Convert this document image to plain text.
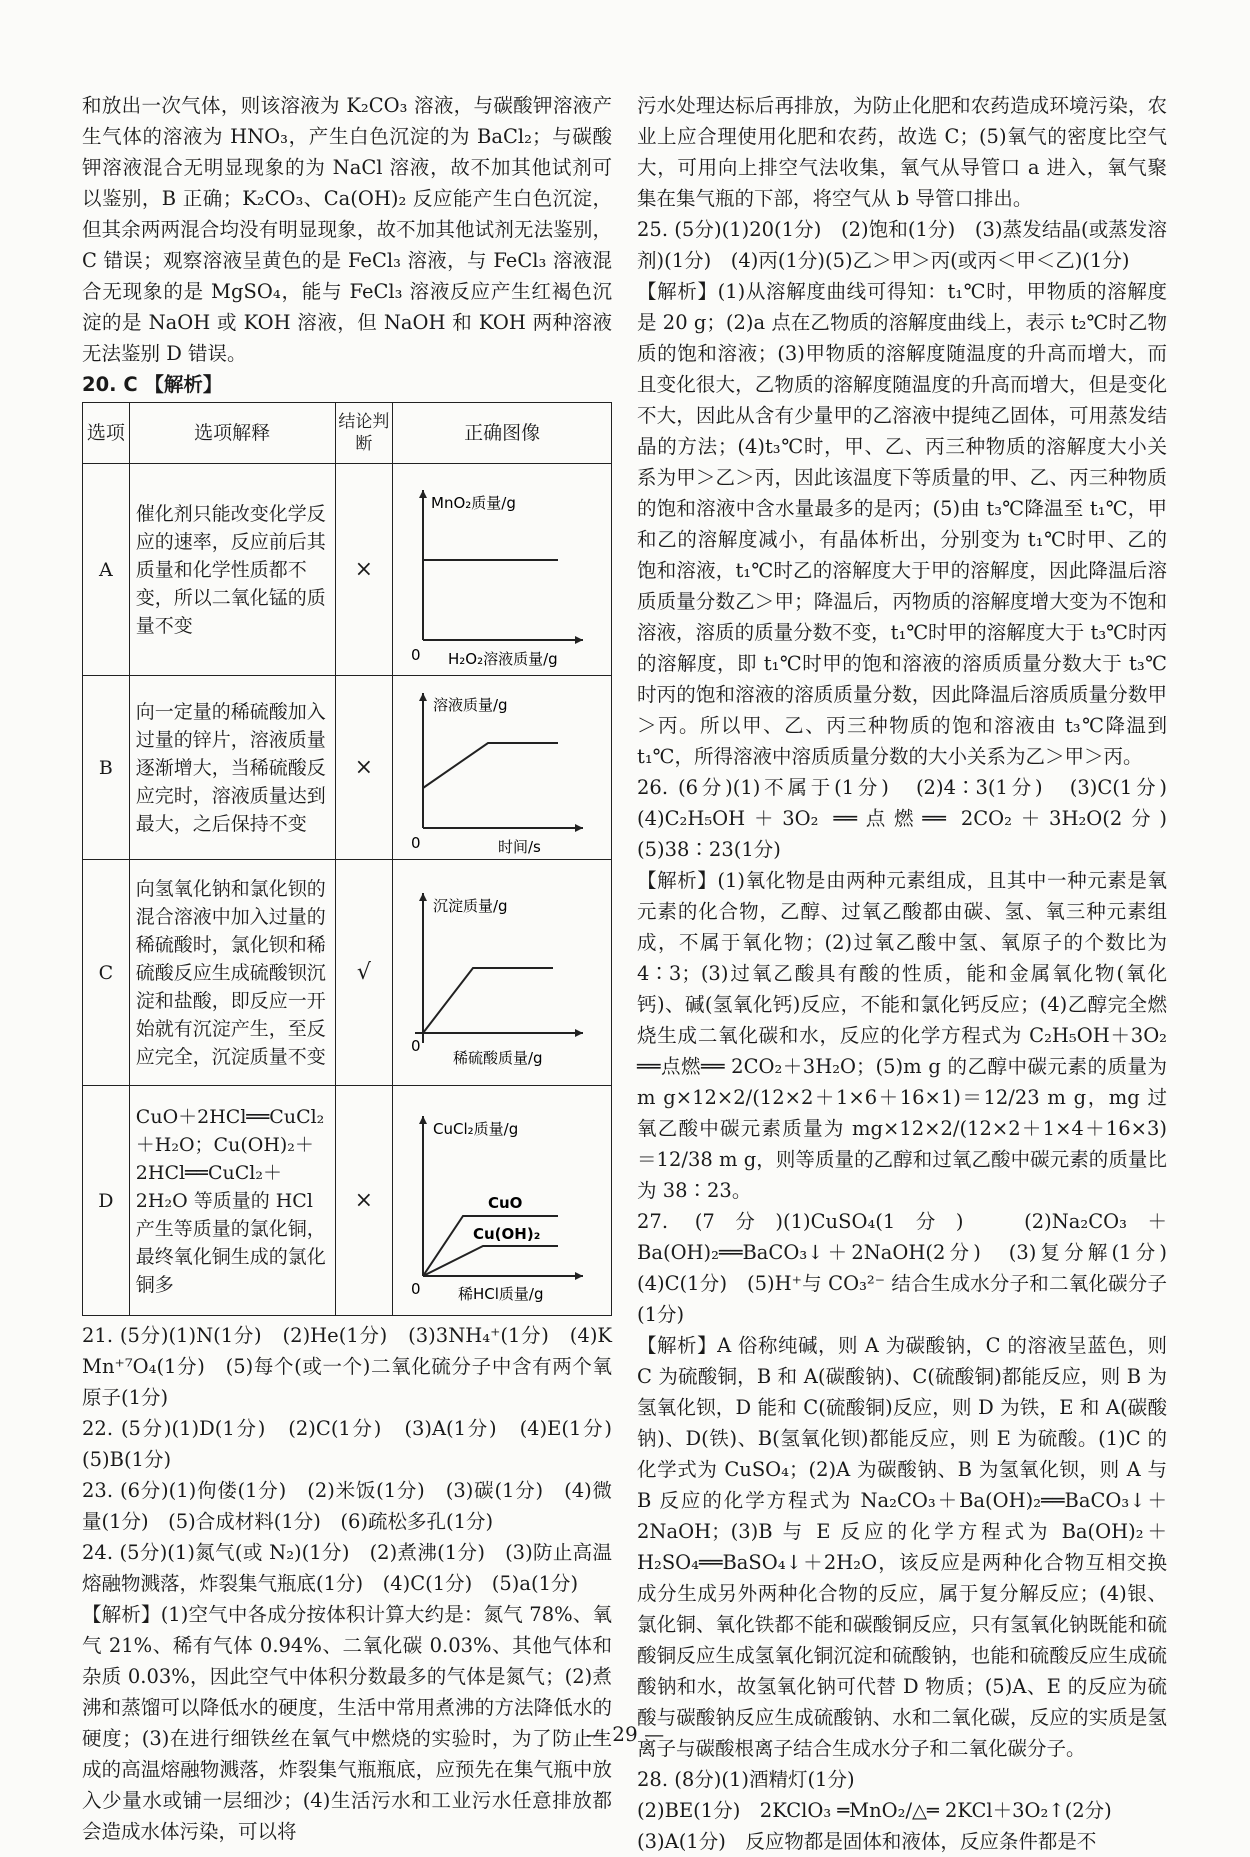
和放出一次气体，则该溶液为 K₂CO₃ 溶液，与碳酸钾溶液产生气体的溶液为 HNO₃，产生白色沉淀的为 BaCl₂；与碳酸钾溶液混合无明显现象的为 NaCl 溶液，故不加其他试剂可以鉴别，B 正确；K₂CO₃、Ca(OH)₂ 反应能产生白色沉淀，但其余两两混合均没有明显现象，故不加其他试剂无法鉴别，C 错误；观察溶液呈黄色的是 FeCl₃ 溶液，与 FeCl₃ 溶液混合无现象的是 MgSO₄，能与 FeCl₃ 溶液反应产生红褐色沉淀的是 NaOH 或 KOH 溶液，但 NaOH 和 KOH 两种溶液无法鉴别 D 错误。

20. C 【解析】

选项	选项解释	结论判断	正确图像
A	催化剂只能改变化学反应的速率，反应前后其质量和化学性质都不变，所以二氧化锰的质量不变	×	MnO₂质量/g
0 H₂O₂溶液质量/g

B	向一定量的稀硫酸加入过量的锌片，溶液质量逐渐增大，当稀硫酸反应完时，溶液质量达到最大，之后保持不变	×	溶液质量/g
0 时间/s

C	向氢氧化钠和氯化钡的混合溶液中加入过量的稀硫酸时，氯化钡和稀硫酸反应生成硫酸钡沉淀和盐酸，即反应一开始就有沉淀产生，至反应完全，沉淀质量不变	√	沉淀质量/g
0
稀硫酸质量/g

D	CuO＋2HCl══CuCl₂＋H₂O；Cu(OH)₂＋2HCl══CuCl₂＋2H₂O 等质量的 HCl 产生等质量的氯化铜，最终氧化铜生成的氯化铜多	×	CuCl₂质量/g
CuO
Cu(OH)₂
0 稀HCl质量/g

21. (5分)(1)N(1分)　(2)He(1分)　(3)3NH₄⁺(1分)　(4)K Mn⁺⁷O₄(1分)　(5)每个(或一个)二氧化硫分子中含有两个氧原子(1分)

22. (5分)(1)D(1分)　(2)C(1分)　(3)A(1分)　(4)E(1分)　(5)B(1分)

23. (6分)(1)佝偻(1分)　(2)米饭(1分)　(3)碳(1分)　(4)微量(1分)　(5)合成材料(1分)　(6)疏松多孔(1分)

24. (5分)(1)氮气(或 N₂)(1分)　(2)煮沸(1分)　(3)防止高温熔融物溅落，炸裂集气瓶底(1分)　(4)C(1分)　(5)a(1分)

【解析】(1)空气中各成分按体积计算大约是：氮气 78%、氧气 21%、稀有气体 0.94%、二氧化碳 0.03%、其他气体和杂质 0.03%，因此空气中体积分数最多的气体是氮气；(2)煮沸和蒸馏可以降低水的硬度，生活中常用煮沸的方法降低水的硬度；(3)在进行细铁丝在氧气中燃烧的实验时，为了防止生成的高温熔融物溅落，炸裂集气瓶瓶底，应预先在集气瓶中放入少量水或铺一层细沙；(4)生活污水和工业污水任意排放都会造成水体污染，可以将

污水处理达标后再排放，为防止化肥和农药造成环境污染，农业上应合理使用化肥和农药，故选 C；(5)氧气的密度比空气大，可用向上排空气法收集，氧气从导管口 a 进入，氧气聚集在集气瓶的下部，将空气从 b 导管口排出。

25. (5分)(1)20(1分)　(2)饱和(1分)　(3)蒸发结晶(或蒸发溶剂)(1分)　(4)丙(1分)(5)乙＞甲＞丙(或丙＜甲＜乙)(1分)

【解析】(1)从溶解度曲线可得知：t₁℃时，甲物质的溶解度是 20 g；(2)a 点在乙物质的溶解度曲线上，表示 t₂℃时乙物质的饱和溶液；(3)甲物质的溶解度随温度的升高而增大，而且变化很大，乙物质的溶解度随温度的升高而增大，但是变化不大，因此从含有少量甲的乙溶液中提纯乙固体，可用蒸发结晶的方法；(4)t₃℃时，甲、乙、丙三种物质的溶解度大小关系为甲＞乙＞丙，因此该温度下等质量的甲、乙、丙三种物质的饱和溶液中含水量最多的是丙；(5)由 t₃℃降温至 t₁℃，甲和乙的溶解度减小，有晶体析出，分别变为 t₁℃时甲、乙的饱和溶液，t₁℃时乙的溶解度大于甲的溶解度，因此降温后溶质质量分数乙＞甲；降温后，丙物质的溶解度增大变为不饱和溶液，溶质的质量分数不变，t₁℃时甲的溶解度大于 t₃℃时丙的溶解度，即 t₁℃时甲的饱和溶液的溶质质量分数大于 t₃℃时丙的饱和溶液的溶质质量分数，因此降温后溶质质量分数甲＞丙。所以甲、乙、丙三种物质的饱和溶液由 t₃℃降温到 t₁℃，所得溶液中溶质质量分数的大小关系为乙＞甲＞丙。

26. (6分)(1)不属于(1分)　(2)4∶3(1分)　(3)C(1分)　(4)C₂H₅OH＋3O₂ ══点燃══ 2CO₂＋3H₂O(2分)　(5)38∶23(1分)

【解析】(1)氧化物是由两种元素组成，且其中一种元素是氧元素的化合物，乙醇、过氧乙酸都由碳、氢、氧三种元素组成，不属于氧化物；(2)过氧乙酸中氢、氧原子的个数比为 4∶3；(3)过氧乙酸具有酸的性质，能和金属氧化物(氧化钙)、碱(氢氧化钙)反应，不能和氯化钙反应；(4)乙醇完全燃烧生成二氧化碳和水，反应的化学方程式为 C₂H₅OH＋3O₂ ══点燃══ 2CO₂＋3H₂O；(5)m g 的乙醇中碳元素的质量为 m g×12×2/(12×2＋1×6＋16×1)＝12/23 m g，mg 过氧乙酸中碳元素质量为 mg×12×2/(12×2＋1×4＋16×3)＝12/38 m g，则等质量的乙醇和过氧乙酸中碳元素的质量比为 38∶23。

27. (7分)(1)CuSO₄(1分)　(2)Na₂CO₃＋Ba(OH)₂══BaCO₃↓＋2NaOH(2分)　(3)复分解(1分)　(4)C(1分)　(5)H⁺与 CO₃²⁻ 结合生成水分子和二氧化碳分子(1分)

【解析】A 俗称纯碱，则 A 为碳酸钠，C 的溶液呈蓝色，则 C 为硫酸铜，B 和 A(碳酸钠)、C(硫酸铜)都能反应，则 B 为氢氧化钡，D 能和 C(硫酸铜)反应，则 D 为铁，E 和 A(碳酸钠)、D(铁)、B(氢氧化钡)都能反应，则 E 为硫酸。(1)C 的化学式为 CuSO₄；(2)A 为碳酸钠、B 为氢氧化钡，则 A 与 B 反应的化学方程式为 Na₂CO₃＋Ba(OH)₂══BaCO₃↓＋2NaOH；(3)B 与 E 反应的化学方程式为 Ba(OH)₂＋H₂SO₄══BaSO₄↓＋2H₂O，该反应是两种化合物互相交换成分生成另外两种化合物的反应，属于复分解反应；(4)银、氯化铜、氧化铁都不能和碳酸铜反应，只有氢氧化钠既能和硫酸铜反应生成氢氧化铜沉淀和硫酸钠，也能和硫酸反应生成硫酸钠和水，故氢氧化钠可代替 D 物质；(5)A、E 的反应为硫酸与碳酸钠反应生成硫酸钠、水和二氧化碳，反应的实质是氢离子与碳酸根离子结合生成水分子和二氧化碳分子。

28. (8分)(1)酒精灯(1分)

(2)BE(1分)　2KClO₃ ═MnO₂/△═ 2KCl＋3O₂↑(2分)

(3)A(1分)　反应物都是固体和液体，反应条件都是不

— 29 —
